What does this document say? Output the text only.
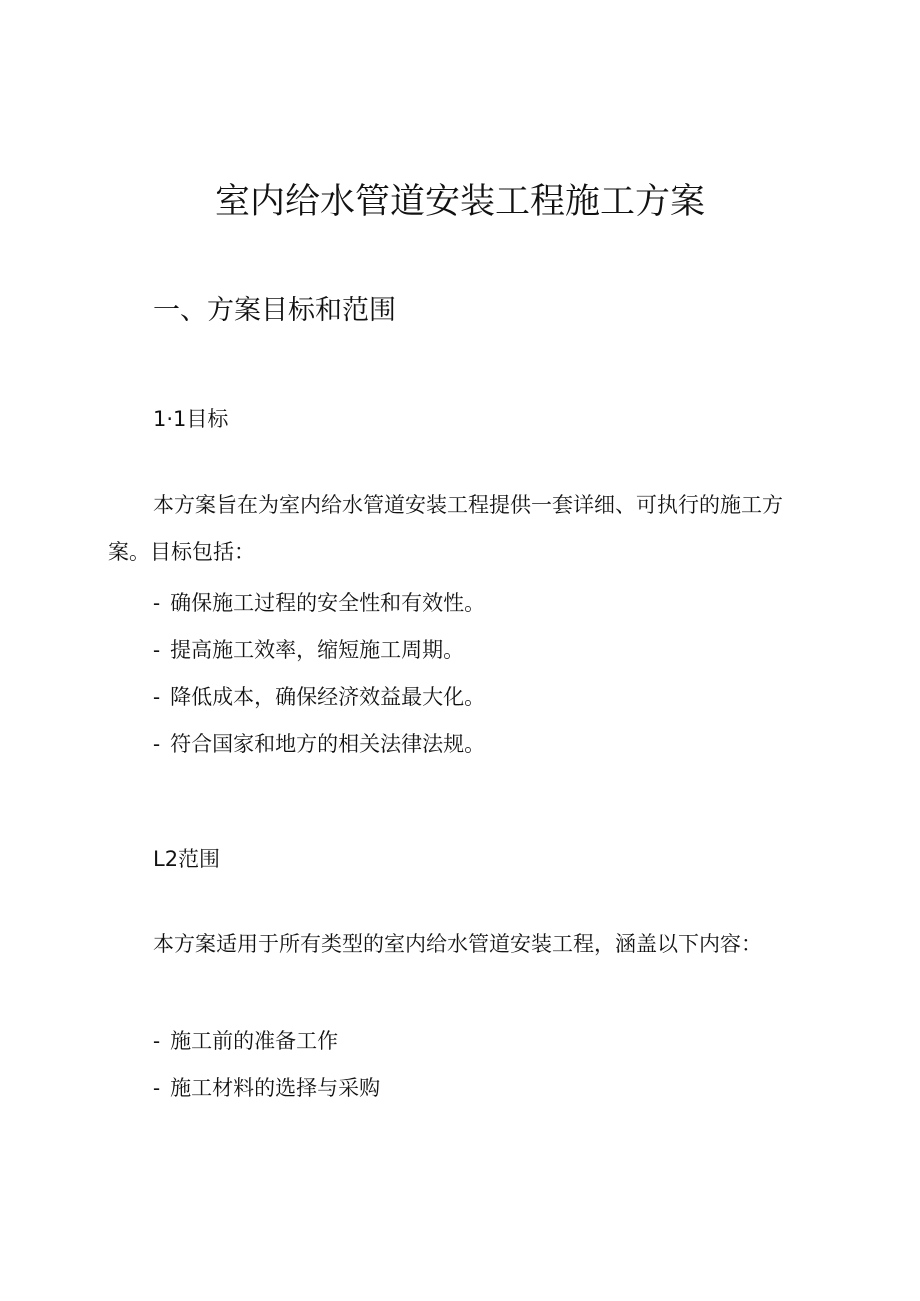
室内给水管道安装工程施工方案
一、方案目标和范围
1·1目标

本方案旨在为室内给水管道安装工程提供一套详细、可执行的施工方案。目标包括：

- 确保施工过程的安全性和有效性。
- 提高施工效率，缩短施工周期。
- 降低成本，确保经济效益最大化。
- 符合国家和地方的相关法律法规。
L2范围

本方案适用于所有类型的室内给水管道安装工程，涵盖以下内容：

- 施工前的准备工作
- 施工材料的选择与采购
